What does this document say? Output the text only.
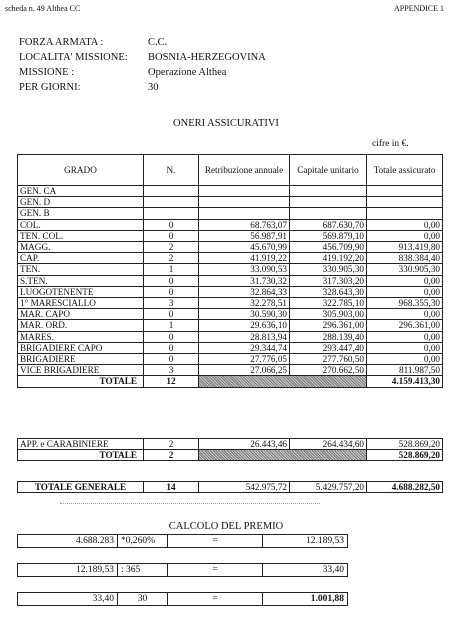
scheda n. 49 Althea CC	APPENDICE 1
FORZA ARMATA :	C.C.
LOCALITA' MISSIONE: BOSNIA-HERZEGOVINA
MISSIONE :	Operazione Althea
PER GIORNI:	30
ONERI ASSICURATIVI
cifre in €.
GRADO	N.	Retribuzione annuale	Capitale unitario	Totale assicurato
GEN. CA				
GEN. D				
GEN. B				
COL.	0	68.763,07	687.630,70	0,00
TEN. COL.	0	56.987,91	569.879,10	0,00
MAGG.	2	45.670,99	456.709,90	913.419,80
CAP.	2	41.919,22	419.192,20	838.384,40
TEN.	1	33.090,53	330.905,30	330.905,30
S.TEN.	0	31.730,32	317.303,20	0,00
LUOGOTENENTE	0	32.864,33	328.643,30	0,00
1° MARESCIALLO	3	32.278,51	322.785,10	968.355,30
MAR. CAPO	0	30.590,30	305.903,00	0,00
MAR. ORD.	1	29.636,10	296.361,00	296.361,00
MARES.	0	28.813,94	288.139,40	0,00
BRIGADIERE CAPO	0	29.344,74	293.447,40	0,00
BRIGADIERE	0	27.776,05	277.760,50	0,00
VICE BRIGADIERE	3	27.066,25	270.662,50	811.987,50
TOTALE	12			4.159.413,30
APP. e CARABINIERE	2	26.443,46	264.434,60	528.869,20
TOTALE	2			528.869,20
TOTALE GENERALE	14	542.975,72	5.429.757,20	4.688.282,50
CALCOLO DEL PREMIO
4.688.283	*0,260%	=	12.189,53
12.189,53	: 365	=	33,40
33,40	30	=	1.001,88
